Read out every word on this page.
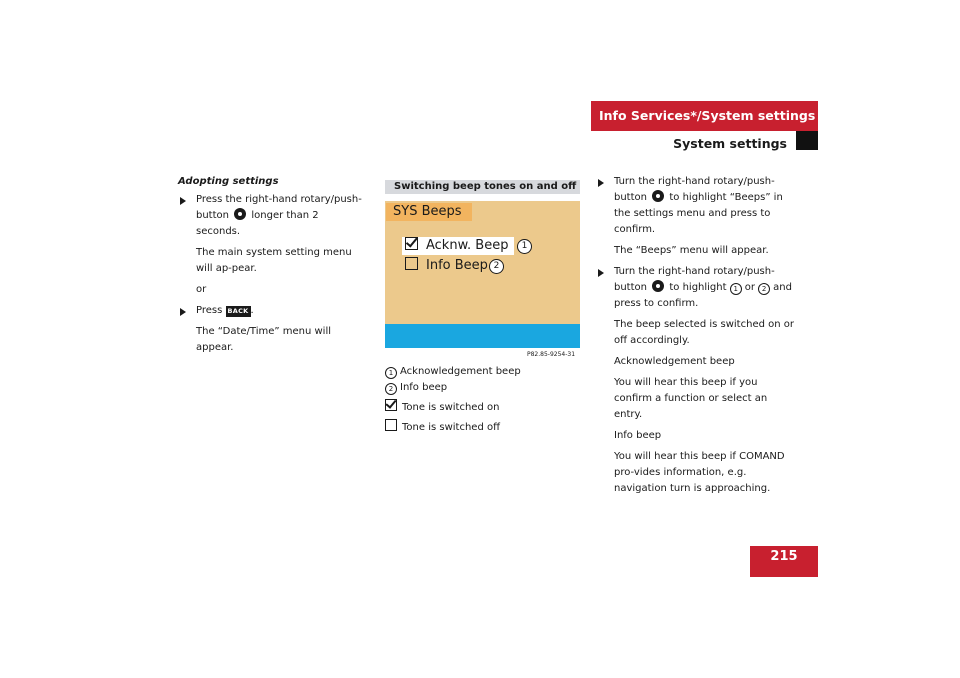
Info Services*/System settings
System settings

Adopting settings

Press the right-hand rotary/push-button longer than 2 seconds.

The main system setting menu will ap-pear.

or

Press BACK .

The “Date/Time” menu will appear.

Switching beep tones on and off
SYS Beeps
Acknw. Beep
Info Beep
1
2
P82.85-9254-31

1 Acknowledgement beep

2 Info beep

Tone is switched on

Tone is switched off

Turn the right-hand rotary/push-button to highlight “Beeps” in the settings menu and press to confirm.

The “Beeps” menu will appear.

Turn the right-hand rotary/push-button to highlight 1 or 2 and press to confirm.

The beep selected is switched on or off accordingly.

Acknowledgement beep

You will hear this beep if you confirm a function or select an entry.

Info beep

You will hear this beep if COMAND pro-vides information, e.g. navigation turn is approaching.

215
